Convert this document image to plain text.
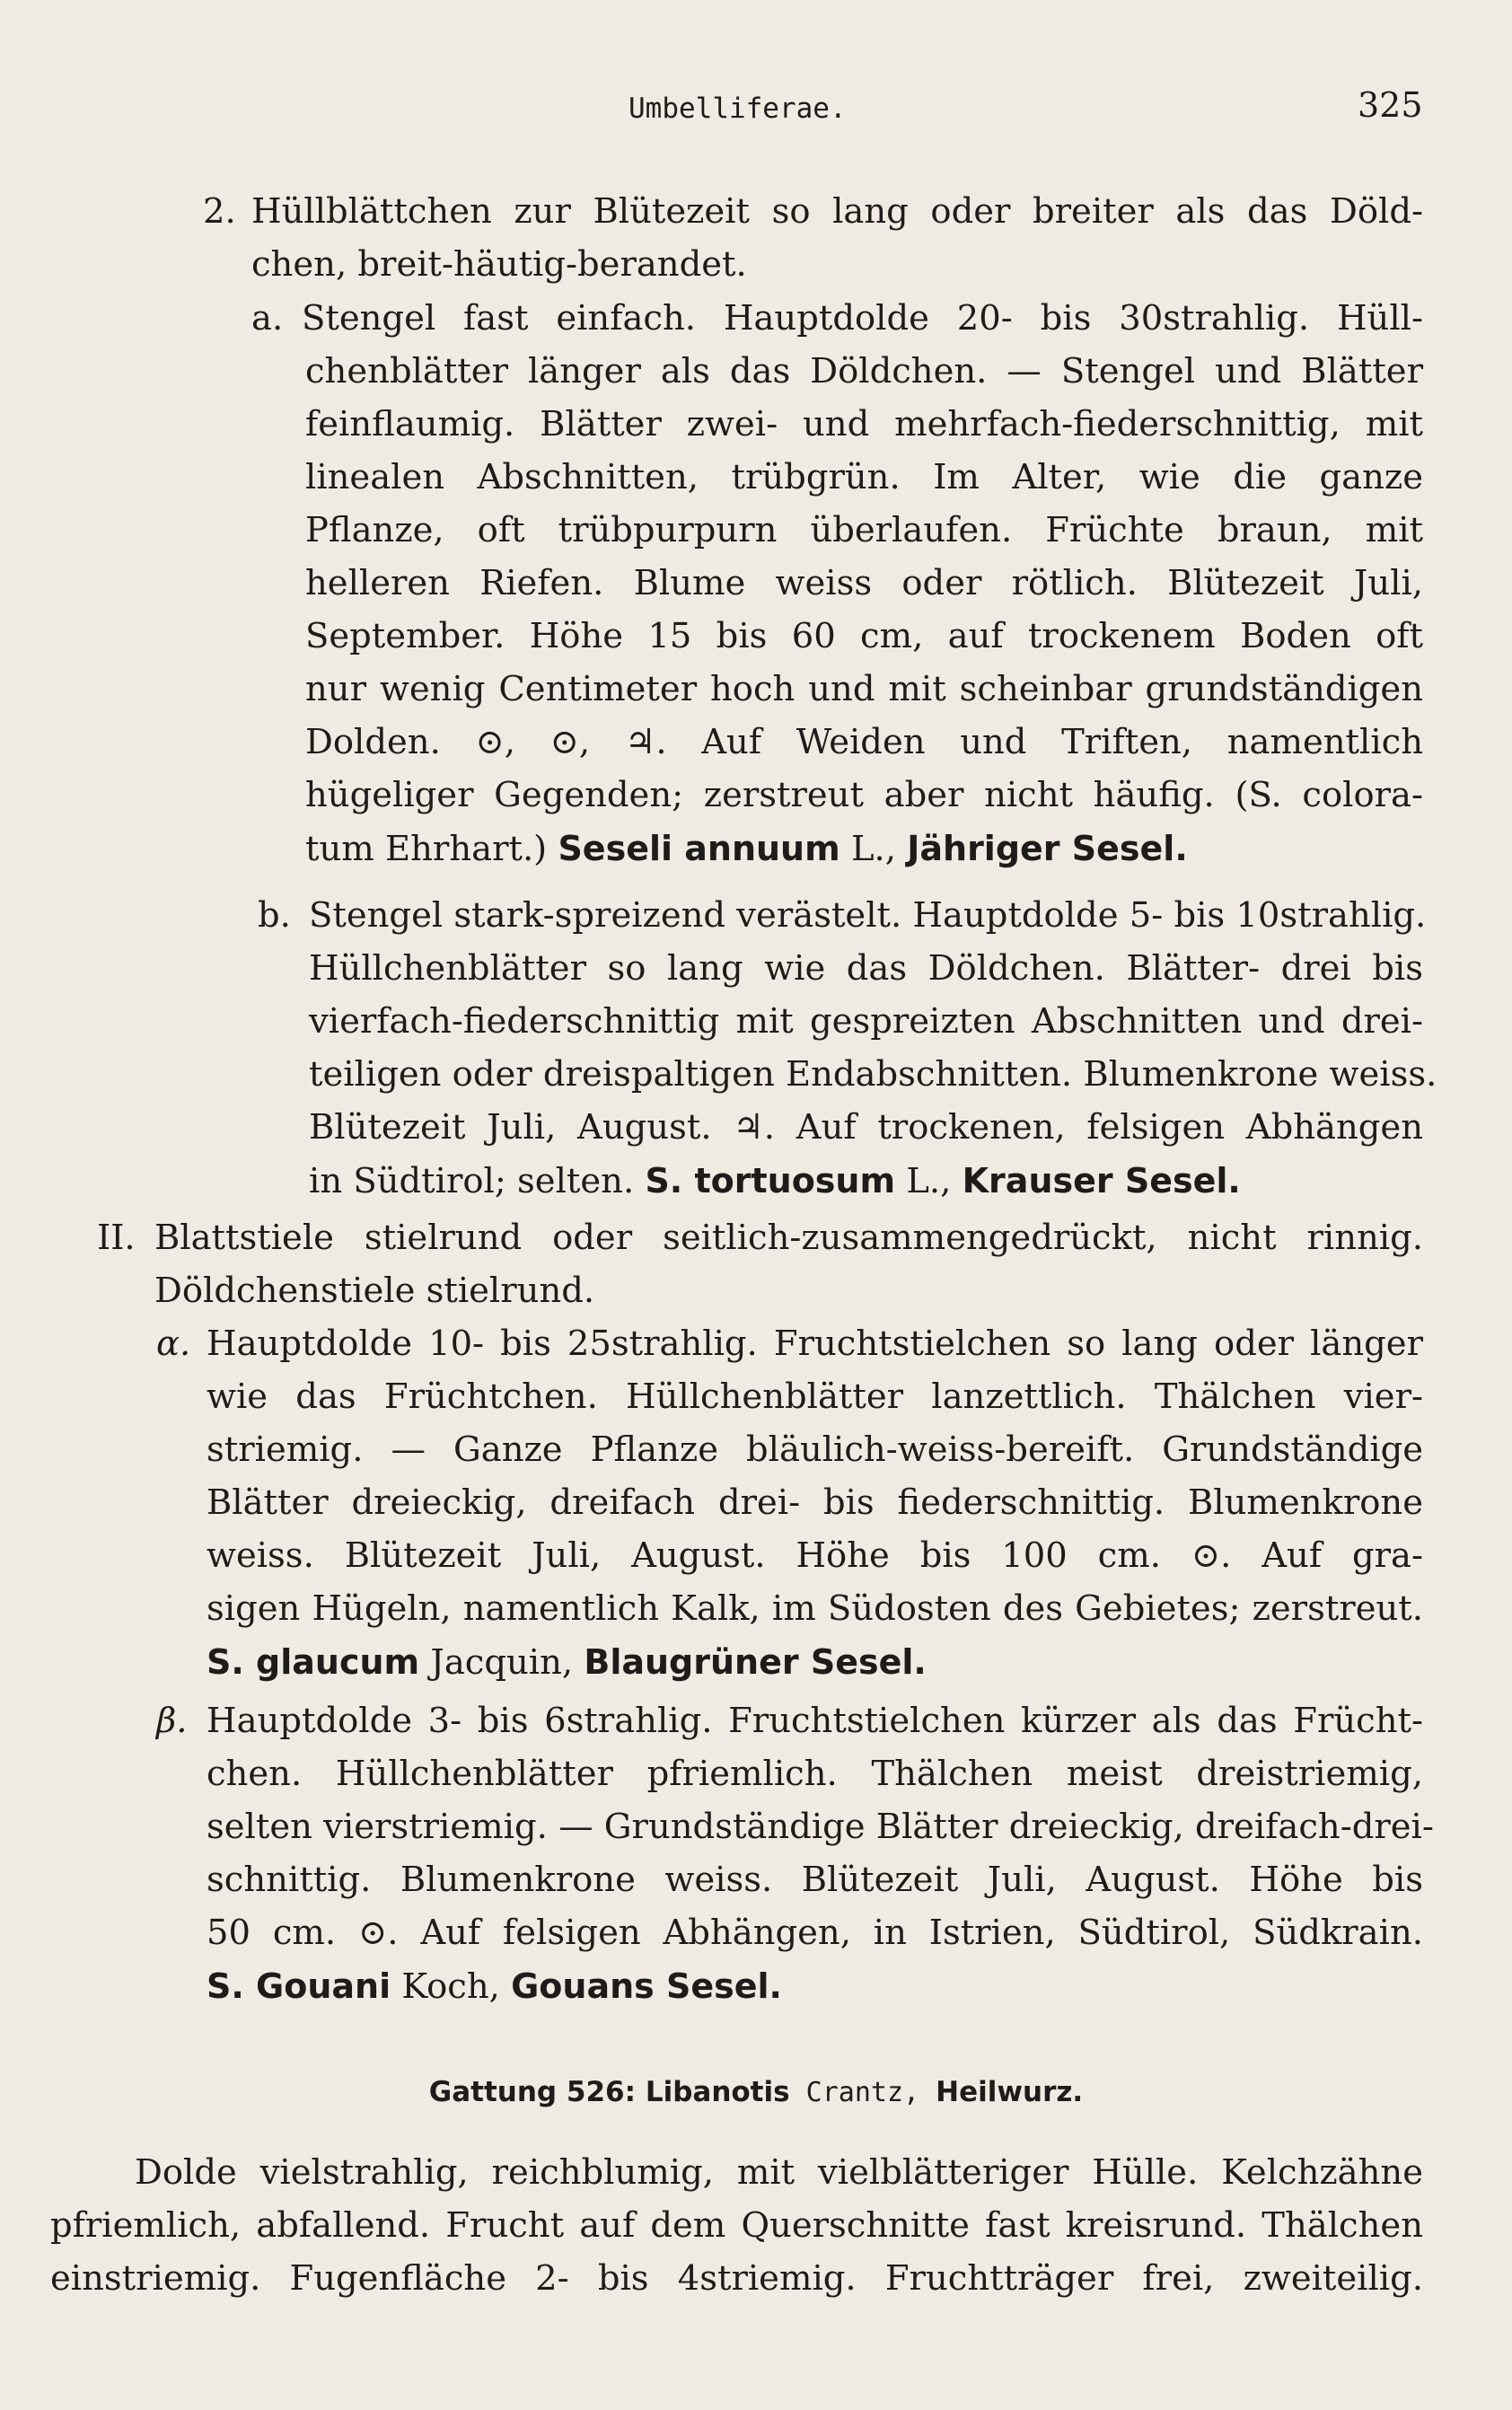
Umbelliferae.	325
2. Hüllblättchen zur Blütezeit so lang oder breiter als das Döld-
chen, breit-häutig-berandet.
a. Stengel fast einfach. Hauptdolde 20- bis 30strahlig. Hüll-
chenblätter länger als das Döldchen. — Stengel und Blätter
feinflaumig. Blätter zwei- und mehrfach-fiederschnittig, mit
linealen Abschnitten, trübgrün. Im Alter, wie die ganze
Pflanze, oft trübpurpurn überlaufen. Früchte braun, mit
helleren Riefen. Blume weiss oder rötlich. Blütezeit Juli,
September. Höhe 15 bis 60 cm, auf trockenem Boden oft
nur wenig Centimeter hoch und mit scheinbar grundständigen
Dolden. ⊙, ⊙, ♃. Auf Weiden und Triften, namentlich
hügeliger Gegenden; zerstreut aber nicht häufig. (S. colora-
tum Ehrhart.) Seseli annuum L., Jähriger Sesel.
b. Stengel stark-spreizend verästelt. Hauptdolde 5- bis 10strahlig.
Hüllchenblätter so lang wie das Döldchen. Blätter- drei bis
vierfach-fiederschnittig mit gespreizten Abschnitten und drei-
teiligen oder dreispaltigen Endabschnitten. Blumenkrone weiss.
Blütezeit Juli, August. ♃. Auf trockenen, felsigen Abhängen
in Südtirol; selten. S. tortuosum L., Krauser Sesel.
II. Blattstiele stielrund oder seitlich-zusammengedrückt, nicht rinnig.
Döldchenstiele stielrund.
α. Hauptdolde 10- bis 25strahlig. Fruchtstielchen so lang oder länger
wie das Früchtchen. Hüllchenblätter lanzettlich. Thälchen vier-
striemig. — Ganze Pflanze bläulich-weiss-bereift. Grundständige
Blätter dreieckig, dreifach drei- bis fiederschnittig. Blumenkrone
weiss. Blütezeit Juli, August. Höhe bis 100 cm. ⊙. Auf gra-
sigen Hügeln, namentlich Kalk, im Südosten des Gebietes; zerstreut.
S. glaucum Jacquin, Blaugrüner Sesel.
β. Hauptdolde 3- bis 6strahlig. Fruchtstielchen kürzer als das Frücht-
chen. Hüllchenblätter pfriemlich. Thälchen meist dreistriemig,
selten vierstriemig. — Grundständige Blätter dreieckig, dreifach-drei-
schnittig. Blumenkrone weiss. Blütezeit Juli, August. Höhe bis
50 cm. ⊙. Auf felsigen Abhängen, in Istrien, Südtirol, Südkrain.
S. Gouani Koch, Gouans Sesel.
Gattung 526: Libanotis Crantz, Heilwurz.
Dolde vielstrahlig, reichblumig, mit vielblätteriger Hülle. Kelchzähne
pfriemlich, abfallend. Frucht auf dem Querschnitte fast kreisrund. Thälchen
einstriemig. Fugenfläche 2- bis 4striemig. Fruchtträger frei, zweiteilig.
